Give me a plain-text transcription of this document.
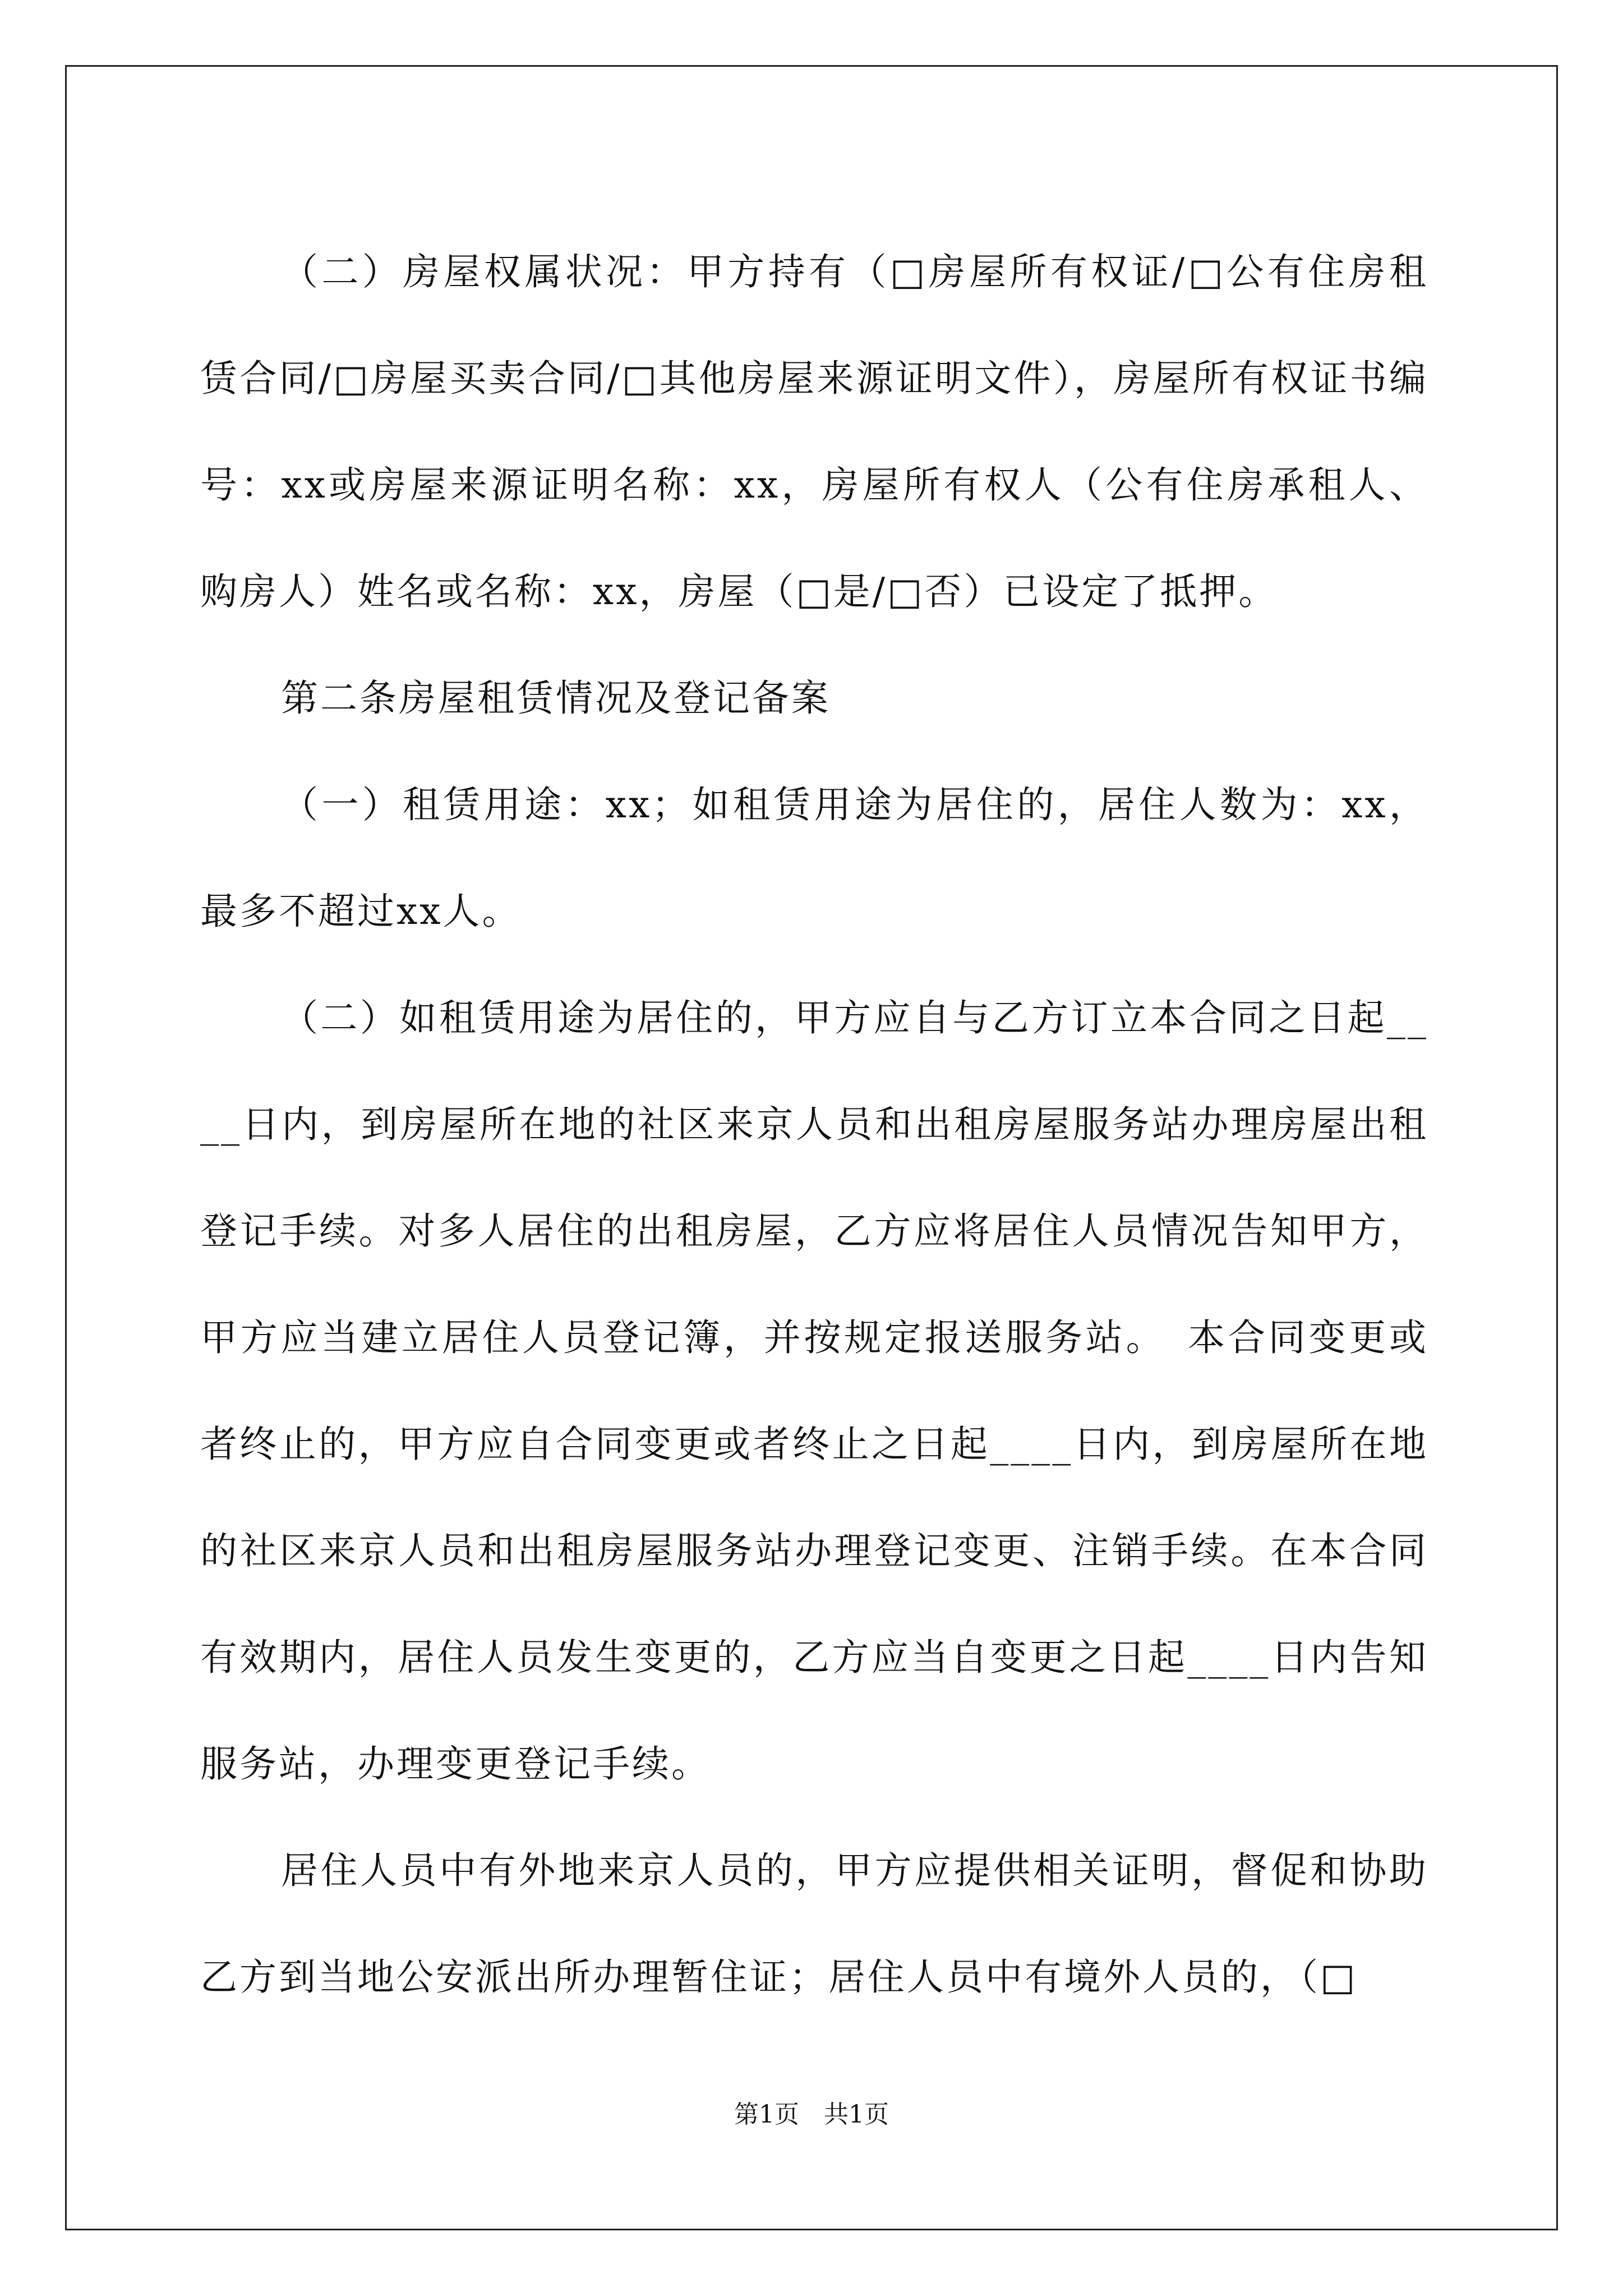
（二）房屋权属状况：甲方持有（□房屋所有权证/□公有住房租赁合同/□房屋买卖合同/□其他房屋来源证明文件），房屋所有权证书编号：xx或房屋来源证明名称：xx，房屋所有权人（公有住房承租人、购房人）姓名或名称：xx，房屋（□是/□否）已设定了抵押。

第二条房屋租赁情况及登记备案

（一）租赁用途：xx；如租赁用途为居住的，居住人数为：xx，最多不超过xx人。

（二）如租赁用途为居住的，甲方应自与乙方订立本合同之日起____日内，到房屋所在地的社区来京人员和出租房屋服务站办理房屋出租登记手续。对多人居住的出租房屋，乙方应将居住人员情况告知甲方，甲方应当建立居住人员登记簿，并按规定报送服务站。　本合同变更或者终止的，甲方应自合同变更或者终止之日起____日内，到房屋所在地的社区来京人员和出租房屋服务站办理登记变更、注销手续。在本合同有效期内，居住人员发生变更的，乙方应当自变更之日起____日内告知服务站，办理变更登记手续。

居住人员中有外地来京人员的，甲方应提供相关证明，督促和协助乙方到当地公安派出所办理暂住证；居住人员中有境外人员的，（□

第1页　共1页
